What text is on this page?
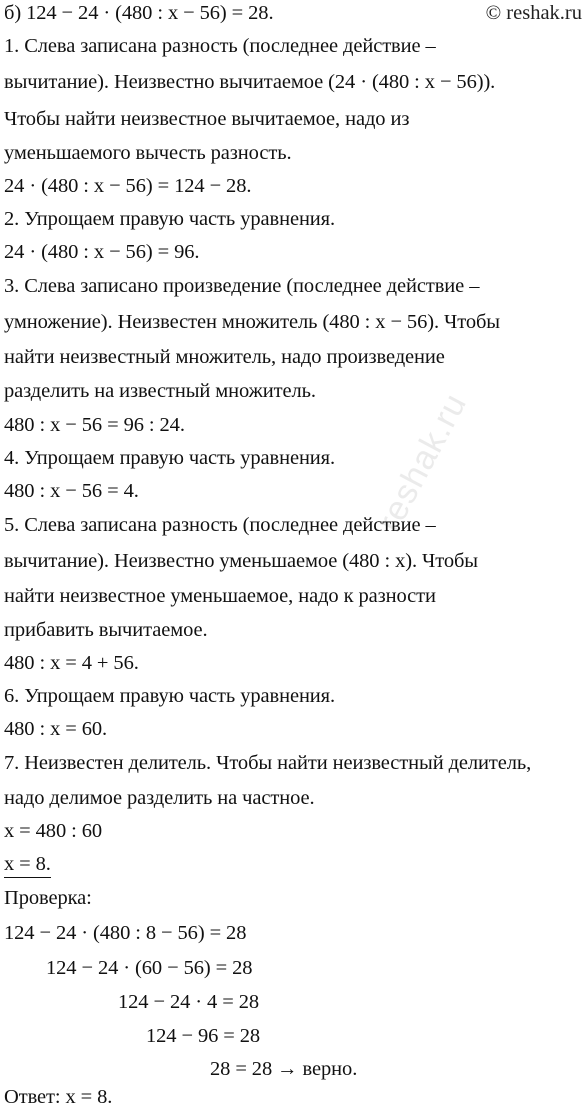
б) 124 − 24 · (480 : x − 56) = 28.	© reshak.ru
reshak.ru
1. Слева записана разность (последнее действие –
вычитание). Неизвестно вычитаемое (24 · (480 : x − 56)).
Чтобы найти неизвестное вычитаемое, надо из
уменьшаемого вычесть разность.
24 · (480 : x − 56) = 124 − 28.
2. Упрощаем правую часть уравнения.
24 · (480 : x − 56) = 96.
3. Слева записано произведение (последнее действие –
умножение). Неизвестен множитель (480 : x − 56). Чтобы
найти неизвестный множитель, надо произведение
разделить на известный множитель.
480 : x − 56 = 96 : 24.
4. Упрощаем правую часть уравнения.
480 : x − 56 = 4.
5. Слева записана разность (последнее действие –
вычитание). Неизвестно уменьшаемое (480 : x). Чтобы
найти неизвестное уменьшаемое, надо к разности
прибавить вычитаемое.
480 : x = 4 + 56.
6. Упрощаем правую часть уравнения.
480 : x = 60.
7. Неизвестен делитель. Чтобы найти неизвестный делитель,
надо делимое разделить на частное.
x = 480 : 60
x = 8.
Проверка:
124 − 24 · (480 : 8 − 56) = 28
124 − 24 · (60 − 56) = 28
124 − 24 · 4 = 28
124 − 96 = 28
28 = 28 → верно.
Ответ: x = 8.
